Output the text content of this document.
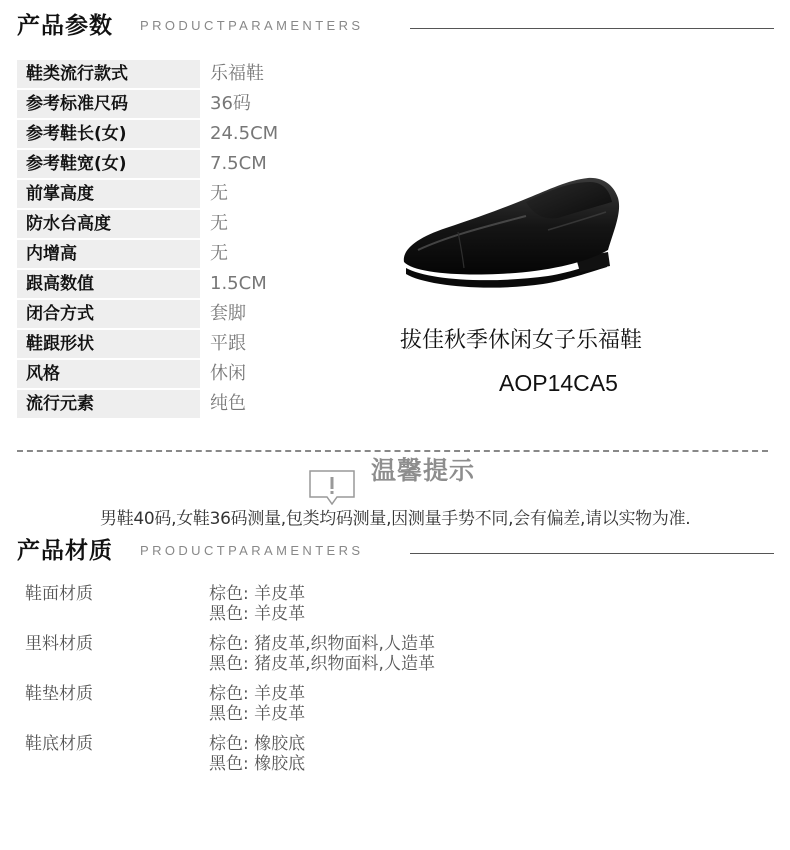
产品参数 PRODUCTPARAMENTERS
鞋类流行款式	乐福鞋
参考标准尺码	36码
参考鞋长(女)	24.5CM
参考鞋宽(女)	7.5CM
前掌高度	无
防水台高度	无
内增高	无
跟高数值	1.5CM
闭合方式	套脚
鞋跟形状	平跟
风格	休闲
流行元素	纯色
拔佳秋季休闲女子乐福鞋
AOP14CA5
温馨提示
男鞋40码,女鞋36码测量,包类均码测量,因测量手势不同,会有偏差,请以实物为准.
产品材质 PRODUCTPARAMENTERS
鞋面材质	棕色: 羊皮革
黑色: 羊皮革
里料材质	棕色: 猪皮革,织物面料,人造革
黑色: 猪皮革,织物面料,人造革
鞋垫材质	棕色: 羊皮革
黑色: 羊皮革
鞋底材质	棕色: 橡胶底
黑色: 橡胶底
